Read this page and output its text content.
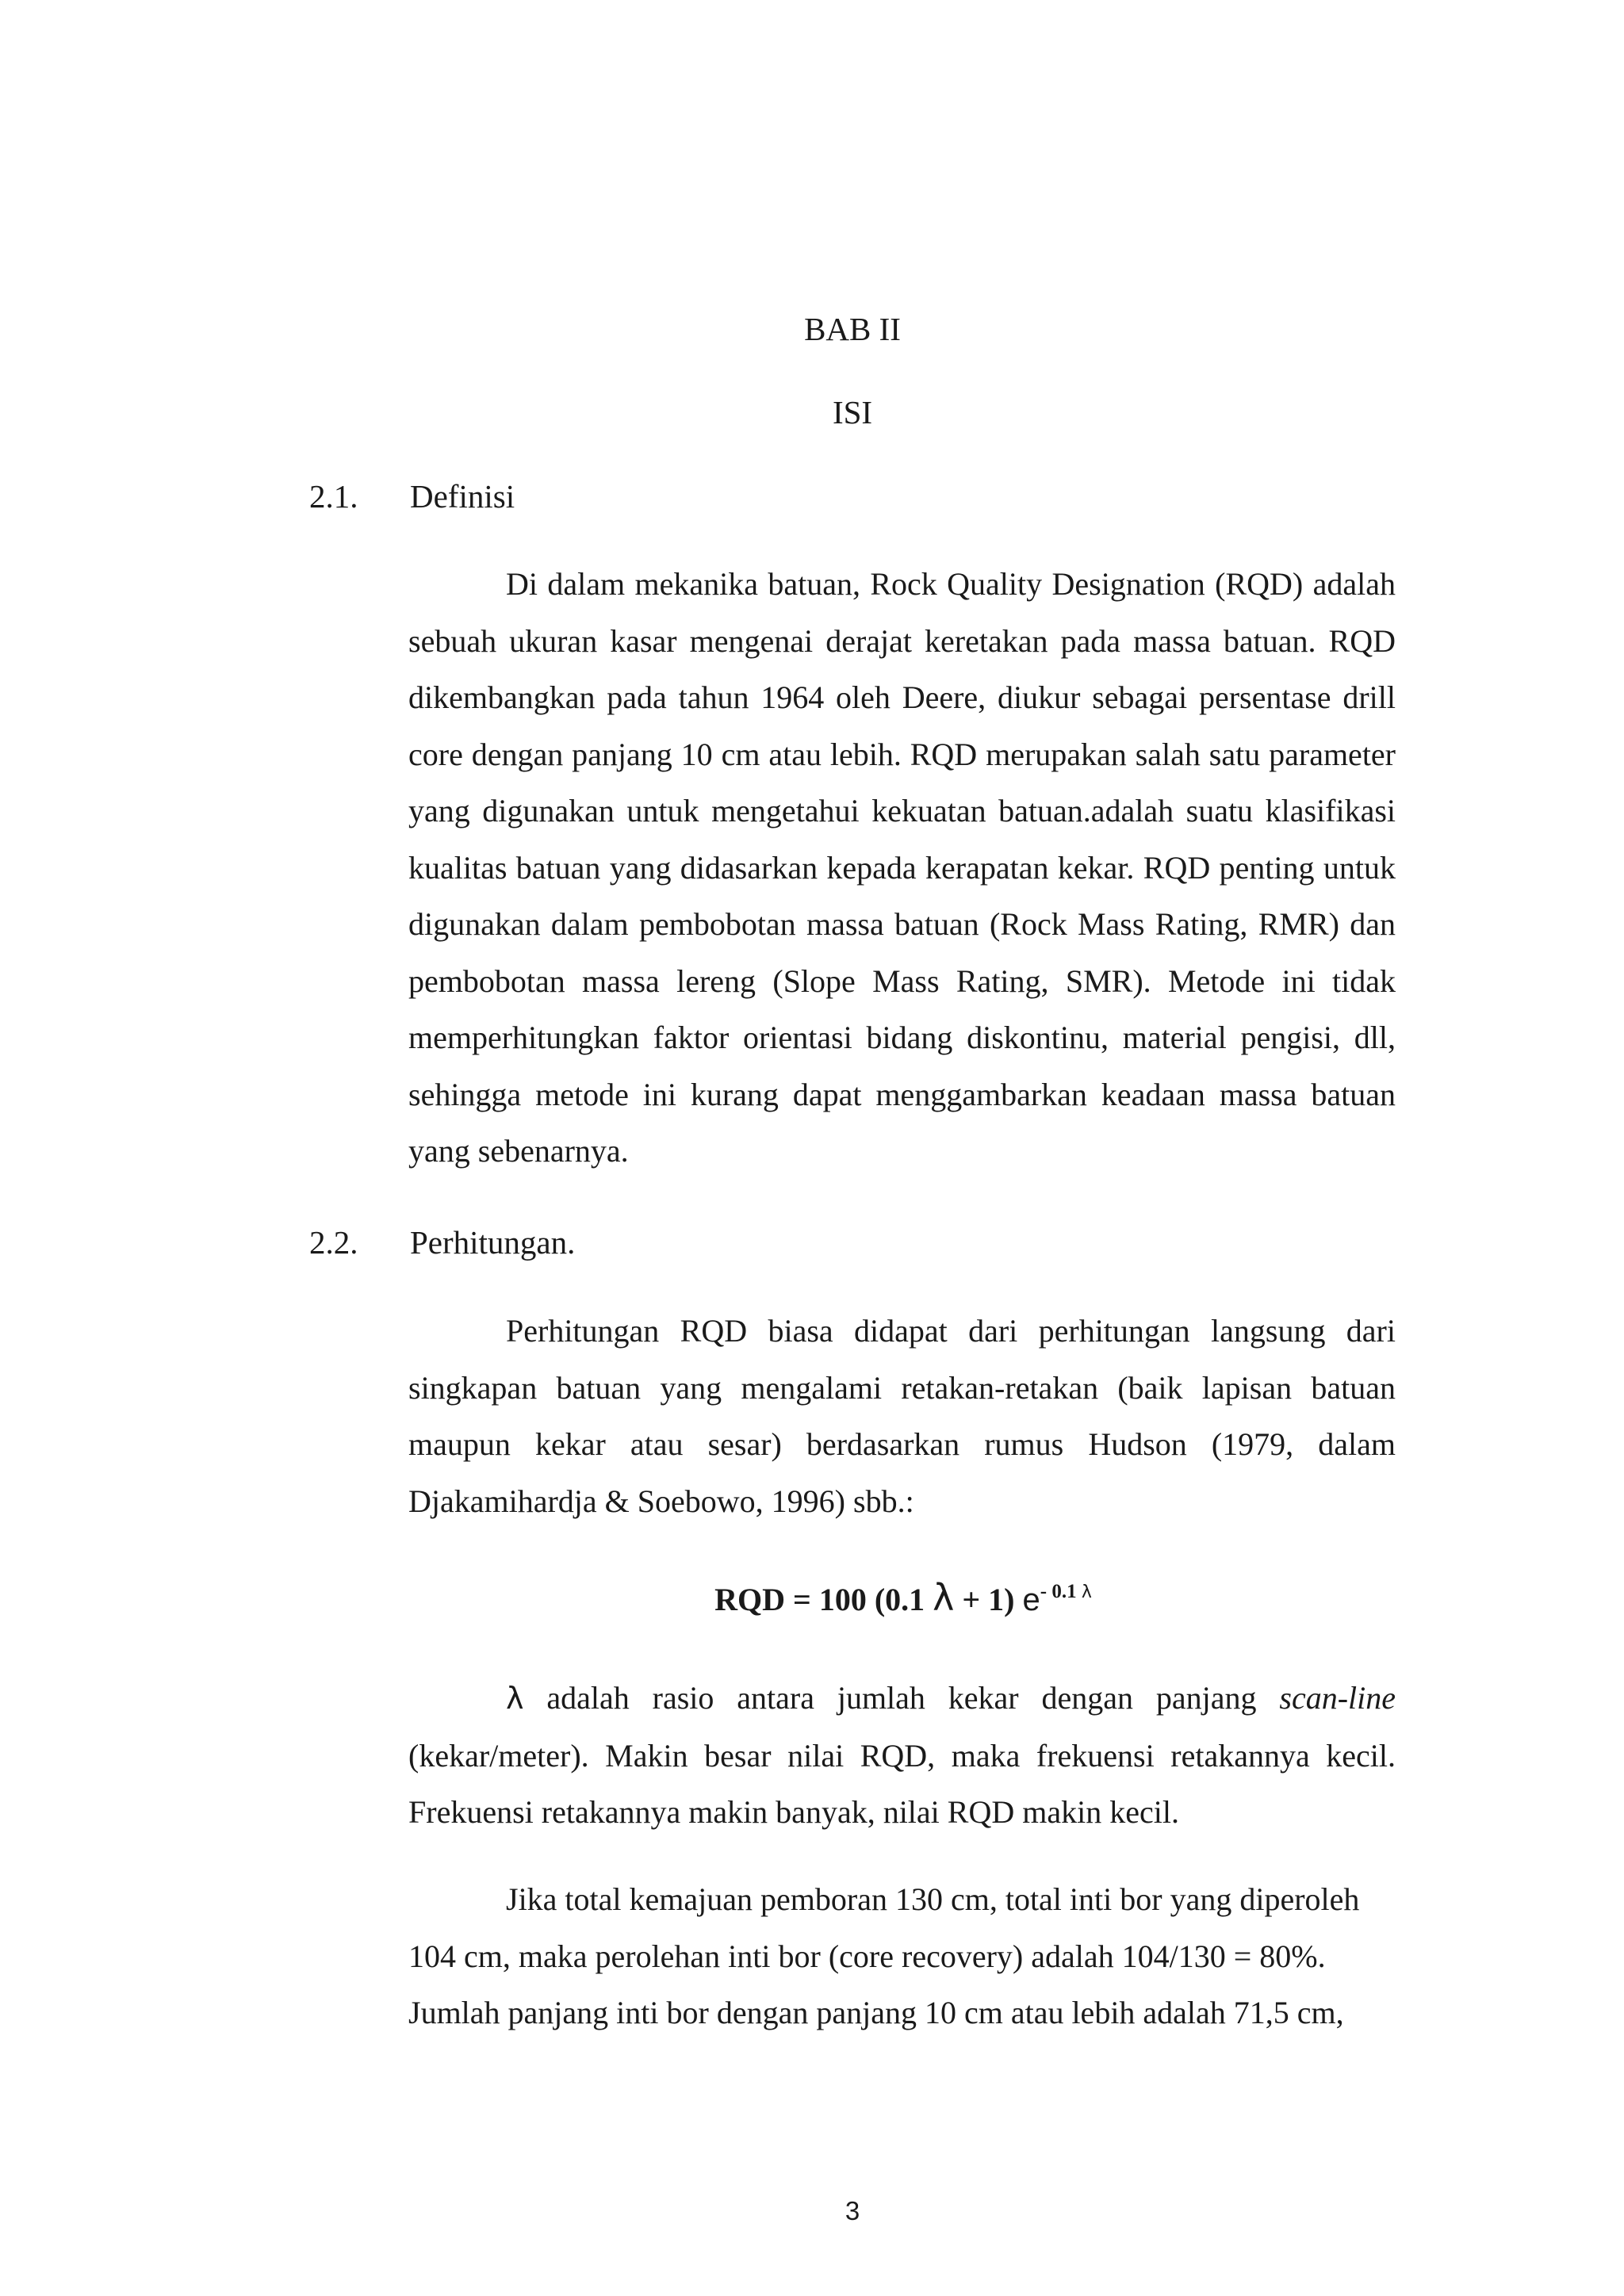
BAB II
ISI
2.1. Definisi

Di dalam mekanika batuan, Rock Quality Designation (RQD) adalah sebuah ukuran kasar mengenai derajat keretakan pada massa batuan. RQD dikembangkan pada tahun 1964 oleh Deere, diukur sebagai persentase drill core dengan panjang 10 cm atau lebih. RQD merupakan salah satu parameter yang digunakan untuk mengetahui kekuatan batuan.adalah suatu klasifikasi kualitas batuan yang didasarkan kepada kerapatan kekar. RQD penting untuk digunakan dalam pembobotan massa batuan (Rock Mass Rating, RMR) dan pembobotan massa lereng (Slope Mass Rating, SMR). Metode ini tidak memperhitungkan faktor orientasi bidang diskontinu, material pengisi, dll, sehingga metode ini kurang dapat menggambarkan keadaan massa batuan yang sebenarnya.

2.2. Perhitungan.

Perhitungan RQD biasa didapat dari perhitungan langsung dari singkapan batuan yang mengalami retakan-retakan (baik lapisan batuan maupun kekar atau sesar) berdasarkan rumus Hudson (1979, dalam Djakamihardja & Soebowo, 1996) sbb.:

RQD = 100 (0.1 λ + 1) $e^{- 0.1 \lambda}$

λ adalah rasio antara jumlah kekar dengan panjang scan-line (kekar/meter). Makin besar nilai RQD, maka frekuensi retakannya kecil. Frekuensi retakannya makin banyak, nilai RQD makin kecil.

Jika total kemajuan pemboran 130 cm, total inti bor yang diperoleh 104 cm, maka perolehan inti bor (core recovery) adalah 104/130 = 80%. Jumlah panjang inti bor dengan panjang 10 cm atau lebih adalah 71,5 cm,

3
